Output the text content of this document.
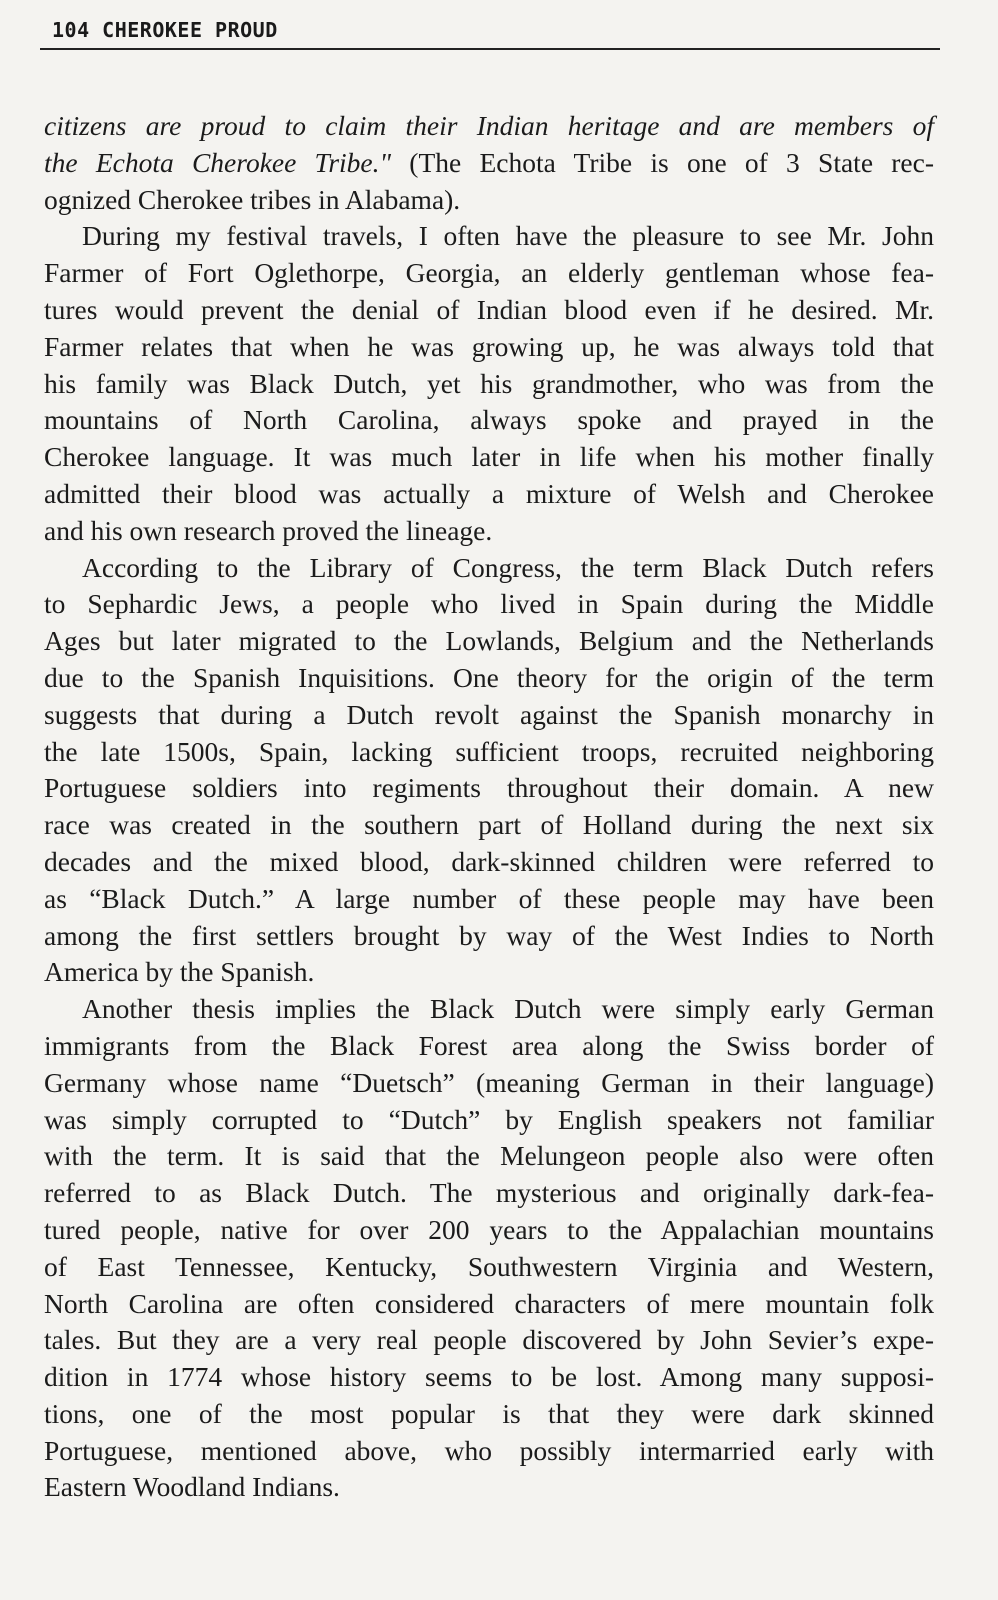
104 CHEROKEE PROUD
citizens are proud to claim their Indian heritage and are members of
the Echota Cherokee Tribe." (The Echota Tribe is one of 3 State rec-
ognized Cherokee tribes in Alabama).
During my festival travels, I often have the pleasure to see Mr. John
Farmer of Fort Oglethorpe, Georgia, an elderly gentleman whose fea-
tures would prevent the denial of Indian blood even if he desired. Mr.
Farmer relates that when he was growing up, he was always told that
his family was Black Dutch, yet his grandmother, who was from the
mountains of North Carolina, always spoke and prayed in the
Cherokee language. It was much later in life when his mother finally
admitted their blood was actually a mixture of Welsh and Cherokee
and his own research proved the lineage.
According to the Library of Congress, the term Black Dutch refers
to Sephardic Jews, a people who lived in Spain during the Middle
Ages but later migrated to the Lowlands, Belgium and the Netherlands
due to the Spanish Inquisitions. One theory for the origin of the term
suggests that during a Dutch revolt against the Spanish monarchy in
the late 1500s, Spain, lacking sufficient troops, recruited neighboring
Portuguese soldiers into regiments throughout their domain. A new
race was created in the southern part of Holland during the next six
decades and the mixed blood, dark-skinned children were referred to
as “Black Dutch.” A large number of these people may have been
among the first settlers brought by way of the West Indies to North
America by the Spanish.
Another thesis implies the Black Dutch were simply early German
immigrants from the Black Forest area along the Swiss border of
Germany whose name “Duetsch” (meaning German in their language)
was simply corrupted to “Dutch” by English speakers not familiar
with the term. It is said that the Melungeon people also were often
referred to as Black Dutch. The mysterious and originally dark-fea-
tured people, native for over 200 years to the Appalachian mountains
of East Tennessee, Kentucky, Southwestern Virginia and Western,
North Carolina are often considered characters of mere mountain folk
tales. But they are a very real people discovered by John Sevier’s expe-
dition in 1774 whose history seems to be lost. Among many supposi-
tions, one of the most popular is that they were dark skinned
Portuguese, mentioned above, who possibly intermarried early with
Eastern Woodland Indians.
